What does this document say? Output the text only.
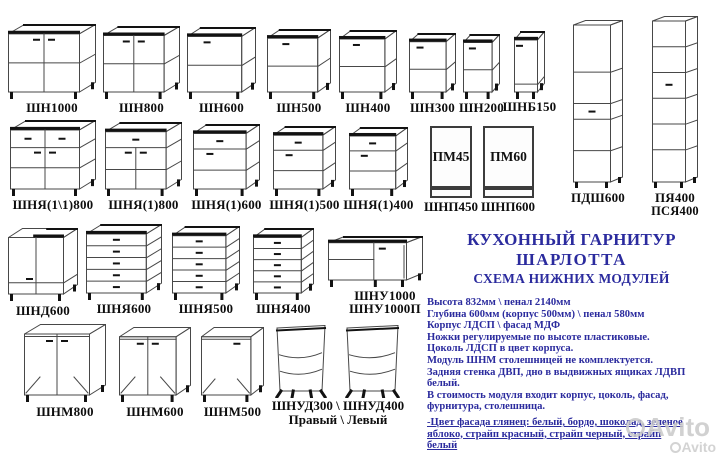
ШН1000	ШН800	ШН600	ШН500 ШН400 ШН300 ШН200
ШНБ150
ПДШ600 ПЯ400
ПСЯ400
ШНЯ(1\1)800 ШНЯ(1)800 ШНЯ(1)600 ШНЯ(1)500 ШНЯ(1)400
ПМ45
ШНП450
ПМ60
ШНП600
ШНД600 ШНЯ600 ШНЯ500 ШНЯ400
ШНУ1000
ШНУ1000П
ШНМ800	ШНМ600 ШНМ500 ШНУД300 \ ШНУД400
Правый \ Левый
КУХОННЫЙ ГАРНИТУР
ШАРЛОТТА
СХЕМА НИЖНИХ МОДУЛЕЙ
Высота 832мм \ пенал 2140мм
Глубина 600мм (корпус 500мм) \ пенал 580мм
Корпус ЛДСП \ фасад МДФ
Ножки регулируемые по высоте пластиковые.
Цоколь ЛДСП в цвет корпуса.
Модуль ШНМ столешницей не комплектуется.
Задняя стенка ДВП, дно в выдвижных ящиках ЛДВП
белый.
В стоимость модуля входит корпус, цоколь, фасад,
фурнитура, столешница.
-Цвет фасада глянец: белый, бордо, шоколад, зеленое
яблоко, страйп красный, страйп черный, страйп
белый
Avito
Avito
